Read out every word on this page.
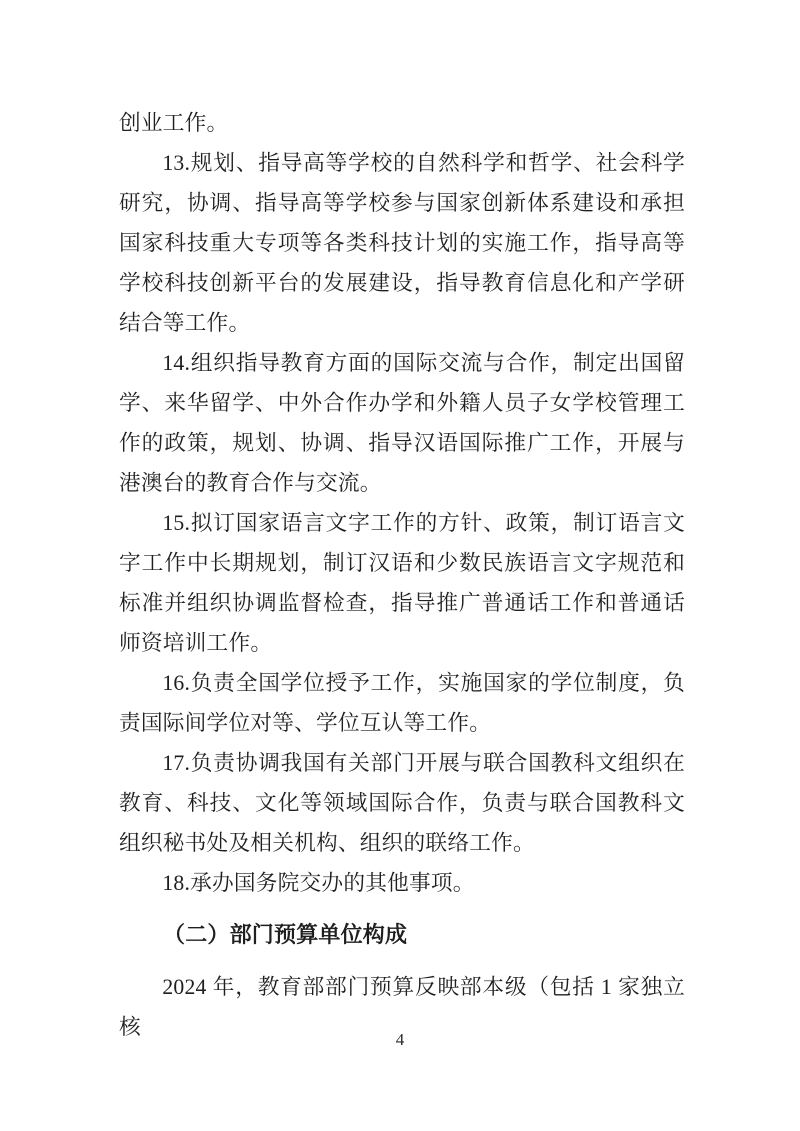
创业工作。

13.规划、指导高等学校的自然科学和哲学、社会科学研究，协调、指导高等学校参与国家创新体系建设和承担国家科技重大专项等各类科技计划的实施工作，指导高等学校科技创新平台的发展建设，指导教育信息化和产学研结合等工作。

14.组织指导教育方面的国际交流与合作，制定出国留学、来华留学、中外合作办学和外籍人员子女学校管理工作的政策，规划、协调、指导汉语国际推广工作，开展与港澳台的教育合作与交流。

15.拟订国家语言文字工作的方针、政策，制订语言文字工作中长期规划，制订汉语和少数民族语言文字规范和标准并组织协调监督检查，指导推广普通话工作和普通话师资培训工作。

16.负责全国学位授予工作，实施国家的学位制度，负责国际间学位对等、学位互认等工作。

17.负责协调我国有关部门开展与联合国教科文组织在教育、科技、文化等领域国际合作，负责与联合国教科文组织秘书处及相关机构、组织的联络工作。

18.承办国务院交办的其他事项。

（二）部门预算单位构成

2024 年，教育部部门预算反映部本级（包括 1 家独立核

4
